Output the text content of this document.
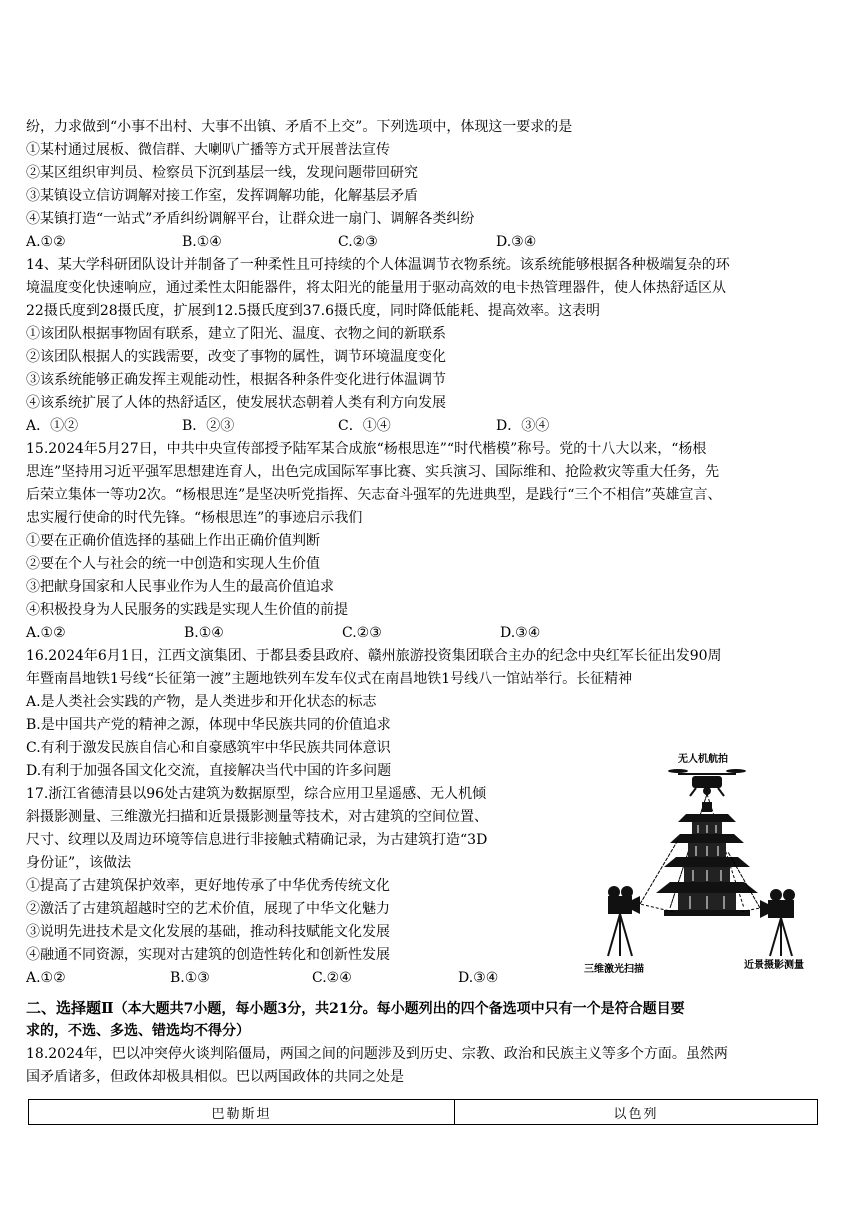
纷，力求做到“小事不出村、大事不出镇、矛盾不上交”。下列选项中，体现这一要求的是
①某村通过展板、微信群、大喇叭广播等方式开展普法宣传
②某区组织审判员、检察员下沉到基层一线，发现问题带回研究
③某镇设立信访调解对接工作室，发挥调解功能，化解基层矛盾
④某镇打造“一站式”矛盾纠纷调解平台，让群众进一扇门、调解各类纠纷
A.①②	B.①④	C.②③	D.③④
14、某大学科研团队设计并制备了一种柔性且可持续的个人体温调节衣物系统。该系统能够根据各种极端复杂的环
境温度变化快速响应，通过柔性太阳能器件，将太阳光的能量用于驱动高效的电卡热管理器件，使人体热舒适区从
22摄氏度到28摄氏度，扩展到12.5摄氏度到37.6摄氏度，同时降低能耗、提高效率。这表明
①该团队根据事物固有联系，建立了阳光、温度、衣物之间的新联系
②该团队根据人的实践需要，改变了事物的属性，调节环境温度变化
③该系统能够正确发挥主观能动性，根据各种条件变化进行体温调节
④该系统扩展了人体的热舒适区，使发展状态朝着人类有利方向发展
A．①②	B．②③	C．①④	D．③④
15.2024年5月27日，中共中央宣传部授予陆军某合成旅“杨根思连”“时代楷模”称号。党的十八大以来，“杨根
思连”坚持用习近平强军思想建连育人，出色完成国际军事比赛、实兵演习、国际维和、抢险救灾等重大任务，先
后荣立集体一等功2次。“杨根思连”是坚决听党指挥、矢志奋斗强军的先进典型，是践行“三个不相信”英雄宣言、
忠实履行使命的时代先锋。“杨根思连”的事迹启示我们
①要在正确价值选择的基础上作出正确价值判断
②要在个人与社会的统一中创造和实现人生价值
③把献身国家和人民事业作为人生的最高价值追求
④积极投身为人民服务的实践是实现人生价值的前提
A.①②	B.①④	C.②③	D.③④
16.2024年6月1日，江西文演集团、于都县委县政府、赣州旅游投资集团联合主办的纪念中央红军长征出发90周
年暨南昌地铁1号线“长征第一渡”主题地铁列车发车仪式在南昌地铁1号线八一馆站举行。长征精神
A.是人类社会实践的产物，是人类进步和开化状态的标志
B.是中国共产党的精神之源，体现中华民族共同的价值追求
C.有利于激发民族自信心和自豪感筑牢中华民族共同体意识
D.有利于加强各国文化交流，直接解决当代中国的许多问题
17.浙江省德清县以96处古建筑为数据原型，综合应用卫星遥感、无人机倾
斜摄影测量、三维激光扫描和近景摄影测量等技术，对古建筑的空间位置、
尺寸、纹理以及周边环境等信息进行非接触式精确记录，为古建筑打造“3D
身份证”，该做法
①提高了古建筑保护效率，更好地传承了中华优秀传统文化
②激活了古建筑超越时空的艺术价值，展现了中华文化魅力
③说明先进技术是文化发展的基础，推动科技赋能文化发展
④融通不同资源，实现对古建筑的创造性转化和创新性发展
A.①②	B.①③	C.②④	D.③④
无人机航拍
三维激光扫描	近景摄影测量
二、选择题Ⅱ（本大题共7小题，每小题3分，共21分。每小题列出的四个备选项中只有一个是符合题目要
求的，不选、多选、错选均不得分）
18.2024年，巴以冲突停火谈判陷僵局，两国之间的问题涉及到历史、宗教、政治和民族主义等多个方面。虽然两
国矛盾诸多，但政体却极具相似。巴以两国政体的共同之处是
巴勒斯坦	以色列
